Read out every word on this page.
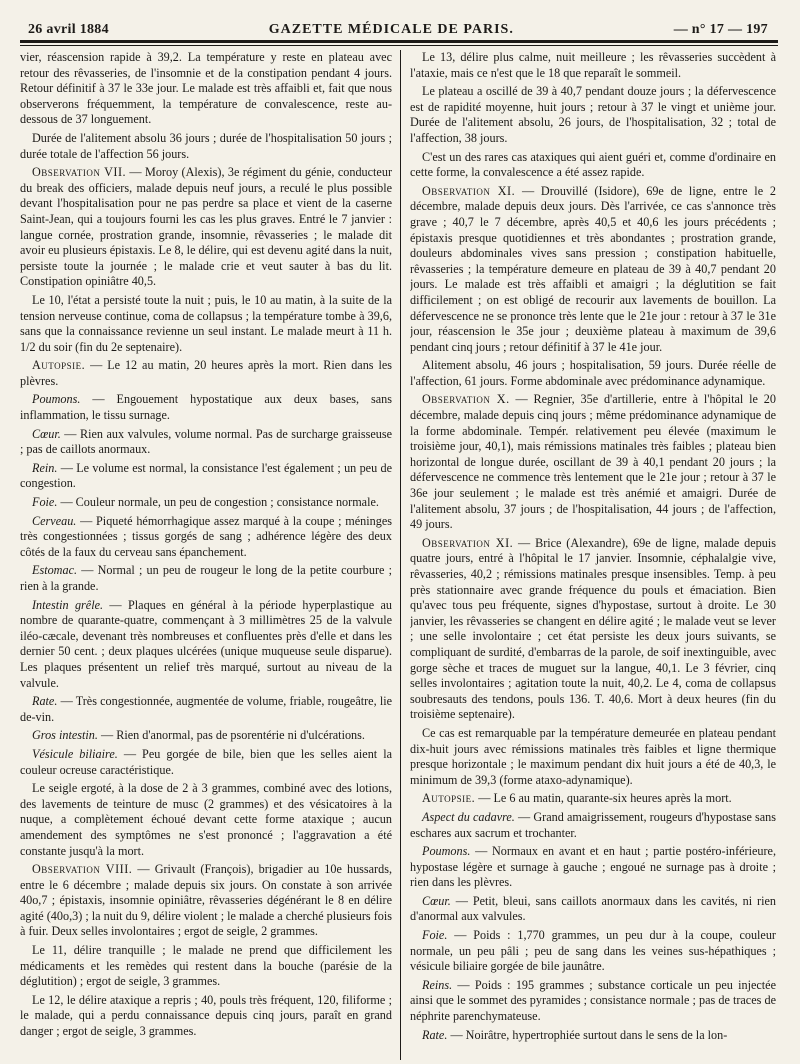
26 avril 1884	GAZETTE MÉDICALE DE PARIS.	— n° 17 — 197

vier, réascension rapide à 39,2. La température y reste en plateau avec retour des rêvasseries, de l'insomnie et de la constipation pendant 4 jours. Retour définitif à 37 le 33e jour. Le malade est très affaibli et, fait que nous observerons fréquemment, la température de convalescence, reste au-dessous de 37 longuement.

Durée de l'alitement absolu 36 jours ; durée de l'hospitalisation 50 jours ; durée totale de l'affection 56 jours.

Observation VII. — Moroy (Alexis), 3e régiment du génie, conducteur du break des officiers, malade depuis neuf jours, a reculé le plus possible devant l'hospitalisation pour ne pas perdre sa place et vient de la caserne Saint-Jean, qui a toujours fourni les cas les plus graves. Entré le 7 janvier : langue cornée, prostration grande, insomnie, rêvasseries ; le malade dit avoir eu plusieurs épistaxis. Le 8, le délire, qui est devenu agité dans la nuit, persiste toute la journée ; le malade crie et veut sauter à bas du lit. Constipation opiniâtre 40,5.

Le 10, l'état a persisté toute la nuit ; puis, le 10 au matin, à la suite de la tension nerveuse continue, coma de collapsus ; la température tombe à 39,6, sans que la connaissance revienne un seul instant. Le malade meurt à 11 h. 1/2 du soir (fin du 2e septenaire).

Autopsie. — Le 12 au matin, 20 heures après la mort. Rien dans les plèvres.

Poumons. — Engouement hypostatique aux deux bases, sans inflammation, le tissu surnage.

Cœur. — Rien aux valvules, volume normal. Pas de surcharge graisseuse ; pas de caillots anormaux.

Rein. — Le volume est normal, la consistance l'est également ; un peu de congestion.

Foie. — Couleur normale, un peu de congestion ; consistance normale.

Cerveau. — Piqueté hémorrhagique assez marqué à la coupe ; méninges très congestionnées ; tissus gorgés de sang ; adhérence légère des deux côtés de la faux du cerveau sans épanchement.

Estomac. — Normal ; un peu de rougeur le long de la petite courbure ; rien à la grande.

Intestin grêle. — Plaques en général à la période hyperplastique au nombre de quarante-quatre, commençant à 3 millimètres 25 de la valvule iléo-cæcale, devenant très nombreuses et confluentes près d'elle et dans les dernier 50 cent. ; deux plaques ulcérées (unique muqueuse seule disparue). Les plaques présentent un relief très marqué, surtout au niveau de la valvule.

Rate. — Très congestionnée, augmentée de volume, friable, rougeâtre, lie de-vin.

Gros intestin. — Rien d'anormal, pas de psorentérie ni d'ulcérations.

Vésicule biliaire. — Peu gorgée de bile, bien que les selles aient la couleur ocreuse caractéristique.

Le seigle ergoté, à la dose de 2 à 3 grammes, combiné avec des lotions, des lavements de teinture de musc (2 grammes) et des vésicatoires à la nuque, a complètement échoué devant cette forme ataxique ; aucun amendement des symptômes ne s'est prononcé ; l'aggravation a été constante jusqu'à la mort.

Observation VIII. — Grivault (François), brigadier au 10e hussards, entre le 6 décembre ; malade depuis six jours. On constate à son arrivée 40o,7 ; épistaxis, insomnie opiniâtre, rêvasseries dégénérant le 8 en délire agité (40o,3) ; la nuit du 9, délire violent ; le malade a cherché plusieurs fois à fuir. Deux selles involontaires ; ergot de seigle, 2 grammes.

Le 11, délire tranquille ; le malade ne prend que difficilement les médicaments et les remèdes qui restent dans la bouche (parésie de la déglutition) ; ergot de seigle, 3 grammes.

Le 12, le délire ataxique a repris ; 40, pouls très fréquent, 120, filiforme ; le malade, qui a perdu connaissance depuis cinq jours, paraît en grand danger ; ergot de seigle, 3 grammes.

Le 13, délire plus calme, nuit meilleure ; les rêvasseries succèdent à l'ataxie, mais ce n'est que le 18 que reparaît le sommeil.

Le plateau a oscillé de 39 à 40,7 pendant douze jours ; la défervescence est de rapidité moyenne, huit jours ; retour à 37 le vingt et unième jour. Durée de l'alitement absolu, 26 jours, de l'hospitalisation, 32 ; total de l'affection, 38 jours.

C'est un des rares cas ataxiques qui aient guéri et, comme d'ordinaire en cette forme, la convalescence a été assez rapide.

Observation XI. — Drouvillé (Isidore), 69e de ligne, entre le 2 décembre, malade depuis deux jours. Dès l'arrivée, ce cas s'annonce très grave ; 40,7 le 7 décembre, après 40,5 et 40,6 les jours précédents ; épistaxis presque quotidiennes et très abondantes ; prostration grande, douleurs abdominales vives sans pression ; constipation habituelle, rêvasseries ; la température demeure en plateau de 39 à 40,7 pendant 20 jours. Le malade est très affaibli et amaigri ; la déglutition se fait difficilement ; on est obligé de recourir aux lavements de bouillon. La défervescence ne se prononce très lente que le 21e jour : retour à 37 le 31e jour, réascension le 35e jour ; deuxième plateau à maximum de 39,6 pendant cinq jours ; retour définitif à 37 le 41e jour.

Alitement absolu, 46 jours ; hospitalisation, 59 jours. Durée réelle de l'affection, 61 jours. Forme abdominale avec prédominance adynamique.

Observation X. — Regnier, 35e d'artillerie, entre à l'hôpital le 20 décembre, malade depuis cinq jours ; même prédominance adynamique de la forme abdominale. Tempér. relativement peu élevée (maximum le troisième jour, 40,1), mais rémissions matinales très faibles ; plateau bien horizontal de longue durée, oscillant de 39 à 40,1 pendant 20 jours ; la défervescence ne commence très lentement que le 21e jour ; retour à 37 le 36e jour seulement ; le malade est très anémié et amaigri. Durée de l'alitement absolu, 37 jours ; de l'hospitalisation, 44 jours ; de l'affection, 49 jours.

Observation XI. — Brice (Alexandre), 69e de ligne, malade depuis quatre jours, entré à l'hôpital le 17 janvier. Insomnie, céphalalgie vive, rêvasseries, 40,2 ; rémissions matinales presque insensibles. Temp. à peu près stationnaire avec grande fréquence du pouls et émaciation. Bien qu'avec tous peu fréquente, signes d'hypostase, surtout à droite. Le 30 janvier, les rêvasseries se changent en délire agité ; le malade veut se lever ; une selle involontaire ; cet état persiste les deux jours suivants, se compliquant de surdité, d'embarras de la parole, de soif inextinguible, avec gorge sèche et traces de muguet sur la langue, 40,1. Le 3 février, cinq selles involontaires ; agitation toute la nuit, 40,2. Le 4, coma de collapsus soubresauts des tendons, pouls 136. T. 40,6. Mort à deux heures (fin du troisième septenaire).

Ce cas est remarquable par la température demeurée en plateau pendant dix-huit jours avec rémissions matinales très faibles et ligne thermique presque horizontale ; le maximum pendant dix huit jours a été de 40,3, le minimum de 39,3 (forme ataxo-adynamique).

Autopsie. — Le 6 au matin, quarante-six heures après la mort.

Aspect du cadavre. — Grand amaigrissement, rougeurs d'hypostase sans eschares aux sacrum et trochanter.

Poumons. — Normaux en avant et en haut ; partie postéro-inférieure, hypostase légère et surnage à gauche ; engoué ne surnage pas à droite ; rien dans les plèvres.

Cœur. — Petit, bleui, sans caillots anormaux dans les cavités, ni rien d'anormal aux valvules.

Foie. — Poids : 1,770 grammes, un peu dur à la coupe, couleur normale, un peu pâli ; peu de sang dans les veines sus-hépathiques ; vésicule biliaire gorgée de bile jaunâtre.

Reins. — Poids : 195 grammes ; substance corticale un peu injectée ainsi que le sommet des pyramides ; consistance normale ; pas de traces de néphrite parenchymateuse.

Rate. — Noirâtre, hypertrophiée surtout dans le sens de la lon-
